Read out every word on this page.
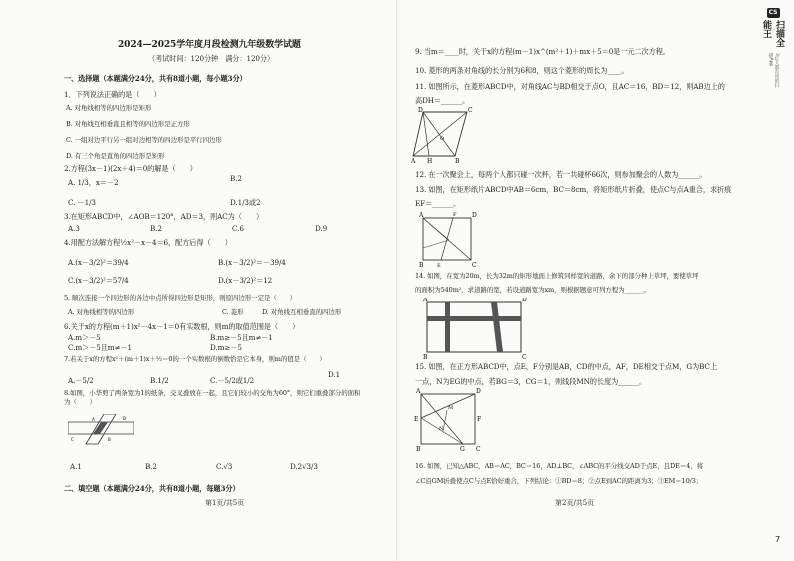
2024—2025学年度月段检测九年级数学试题
（考试时间：120分钟　满分：120分）
一、选择题（本题满分24分，共有8道小题，每小题3分）
1．下列说法正确的是（　　）
A. 对角线相等的四边形是矩形
B. 对角线互相垂直且相等的四边形是正方形
C. 一组对边平行另一组对边相等的四边形是平行四边形
D. 有三个角是直角的四边形是矩形
2.方程(3x－1)(2x＋4)＝0的解是（　　）
A. 1/3，x＝－2	B.2
C. －1/3	D.1/3或2
3.在矩形ABCD中，∠AOB＝120°，AD＝3，则AC为（　　）
A.3	B.2	C.6	D.9
4.用配方法解方程½x²－x－4＝6，配方后得（　　）
A.(x－3/2)²＝39/4	B.(x－3/2)²＝－39/4
C.(x－3/2)²＝57/4	D.(x－3/2)²＝12
5. 顺次连接一个四边形的各边中点所得四边形是矩形，则原四边形一定是（　　）
A. 对角线相等的四边形	C. 菱形	D. 对角线互相垂直的四边形
6.关于x的方程(m＋1)x²－4x－1＝0有实数根，则m的取值范围是（　　）
A.m＞－5	B.m≥－5且m≠－1
C.m＞－5且m≠－1	D.m≥－5
7.若关于x的方程x²＋(m＋1)x＋½＝0的一个实数根的倒数恰是它本身，则m的值是（　　）
A.－5/2	B.1/2	C.－5/2或1/2
D.1
8.如图，小华剪了两条宽为1的纸条，交叉叠放在一起，且它们较小的交角为60°，则它们重叠部分的面积为（　　）
A
B
C
D
A.1	B.2	C.√3	D.2√3/3
二、填空题（本题满分24分，共有8道小题，每题3分）
第1页/共5页
9. 当m＝____时，关于x的方程(m－1)x^(m²＋1)＋mx＋5＝0是一元二次方程。
10. 菱形的两条对角线的长分别为6和8，则这个菱形的周长为____。
11. 如图所示，在菱形ABCD中，对角线AC与BD相交于点O，且AC＝16，BD＝12，则AB边上的
高DH＝______。
D	C
A H	B
O
12. 在一次聚会上，每两个人都只碰一次杯，若一共碰杯66次，则参加聚会的人数为______。
13. 如图，在矩形纸片ABCD中AB＝6cm，BC＝8cm，将矩形纸片折叠，使点C与点A重合，求折痕
EF＝______。
A	D
F
E
B	C
14. 如图，在宽为20m，长为32m的矩形地面上修筑同样宽的道路，余下的部分种上草坪，要使草坪
的面积为540m²，求道路的宽，若设道路宽为xm，则根据题意可列方程为______。
A	D
B	C
15. 如图，在正方形ABCD中，点E，F分别是AB，CD的中点，AF，DE相交于点M，G为BC上
一点，N为EG的中点，若BG＝3，CG＝1，则线段MN的长度为______。
A	D
M
E	F
N
B	G C
16. 如图，已知△ABC，AB＝AC，BC＝16，AD⊥BC，∠ABC的平分线交AD于点E，且DE＝4，将
∠C沿GM折叠使点C与点E恰好重合，下列结论：①BD＝8；②点E到AC的距离为3；③EM＝10/3；
第2页/共5页
CS
扫描全能王
3亿人都在用的扫描App
7
